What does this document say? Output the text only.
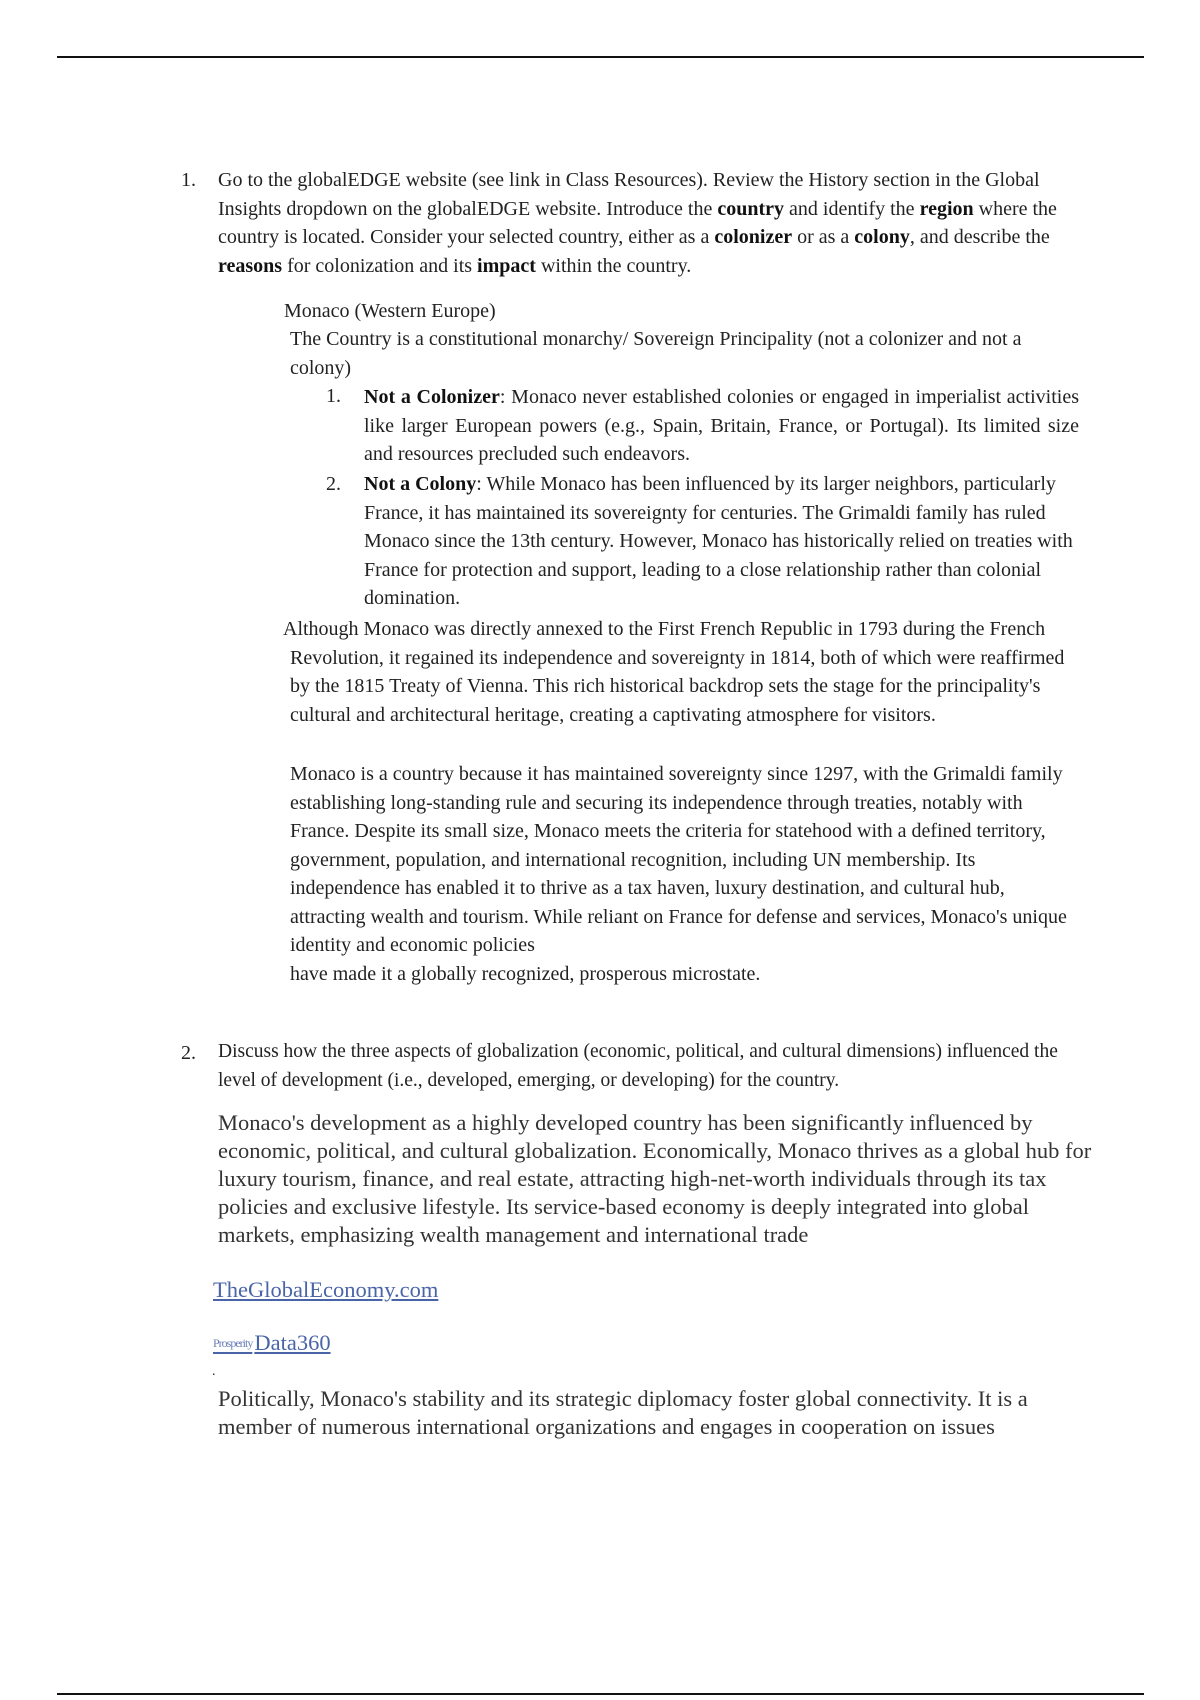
1. Go to the globalEDGE website (see link in Class Resources). Review the History section in the Global Insights dropdown on the globalEDGE website. Introduce the country and identify the region where the country is located. Consider your selected country, either as a colonizer or as a colony, and describe the reasons for colonization and its impact within the country.
Monaco (Western Europe)
The Country is a constitutional monarchy/ Sovereign Principality (not a colonizer and not a colony)
1. Not a Colonizer: Monaco never established colonies or engaged in imperialist activities like larger European powers (e.g., Spain, Britain, France, or Portugal). Its limited size and resources precluded such endeavors.
2. Not a Colony: While Monaco has been influenced by its larger neighbors, particularly France, it has maintained its sovereignty for centuries. The Grimaldi family has ruled Monaco since the 13th century. However, Monaco has historically relied on treaties with France for protection and support, leading to a close relationship rather than colonial domination.

Although Monaco was directly annexed to the First French Republic in 1793 during the French Revolution, it regained its independence and sovereignty in 1814, both of which were reaffirmed by the 1815 Treaty of Vienna. This rich historical backdrop sets the stage for the principality's cultural and architectural heritage, creating a captivating atmosphere for visitors.

Monaco is a country because it has maintained sovereignty since 1297, with the Grimaldi family establishing long-standing rule and securing its independence through treaties, notably with France. Despite its small size, Monaco meets the criteria for statehood with a defined territory, government, population, and international recognition, including UN membership. Its independence has enabled it to thrive as a tax haven, luxury destination, and cultural hub, attracting wealth and tourism. While reliant on France for defense and services, Monaco's unique identity and economic policies

have made it a globally recognized, prosperous microstate.

2. Discuss how the three aspects of globalization (economic, political, and cultural dimensions) influenced the level of development (i.e., developed, emerging, or developing) for the country.
Monaco's development as a highly developed country has been significantly influenced by economic, political, and cultural globalization. Economically, Monaco thrives as a global hub for luxury tourism, finance, and real estate, attracting high-net-worth individuals through its tax policies and exclusive lifestyle. Its service-based economy is deeply integrated into global markets, emphasizing wealth management and international trade
TheGlobalEconomy.com
ProsperityData360
.
Politically, Monaco's stability and its strategic diplomacy foster global connectivity. It is a member of numerous international organizations and engages in cooperation on issues
